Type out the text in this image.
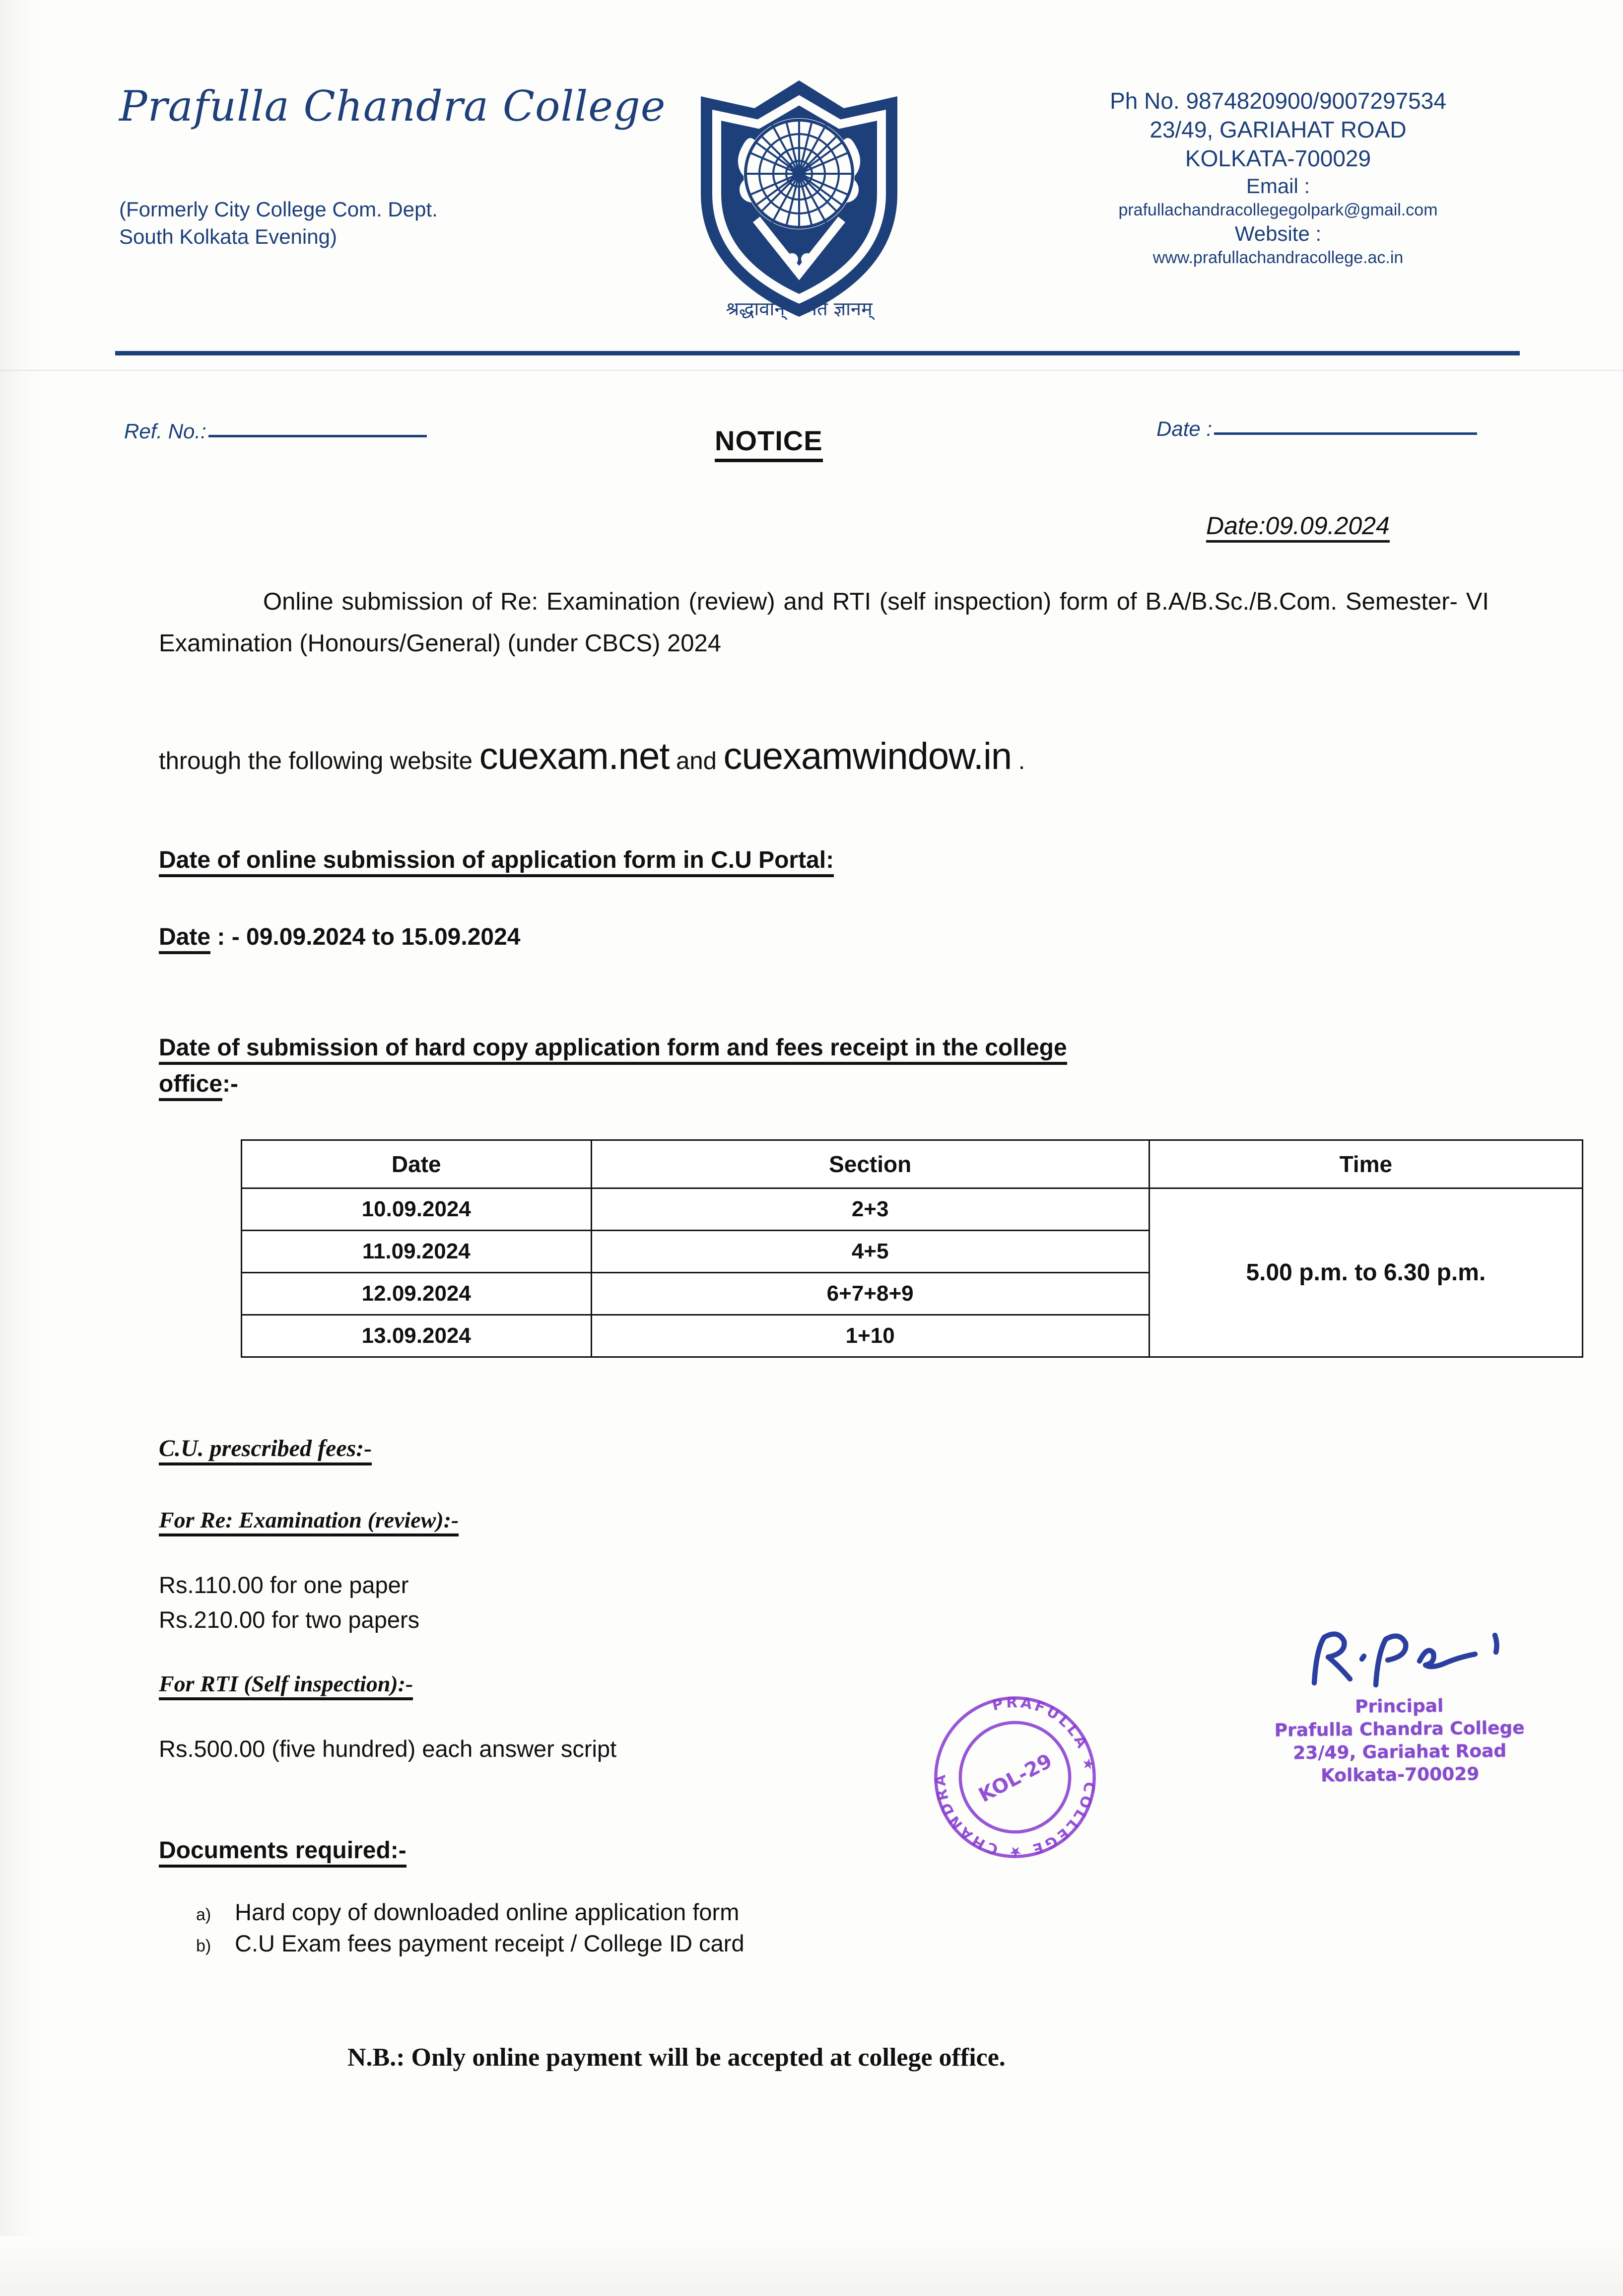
Prafulla Chandra College
(Formerly City College Com. Dept.
South Kolkata Evening)
श्रद्धावान् लभते ज्ञानम्
Ph No. 9874820900/9007297534
23/49, GARIAHAT ROAD
KOLKATA-700029
Email :
prafullachandracollegegolpark@gmail.com
Website :
www.prafullachandracollege.ac.in
Ref. No.:	NOTICE	Date :
Date:09.09.2024
Online submission of Re: Examination (review) and RTI (self inspection) form of B.A/B.Sc./B.Com. Semester- VI Examination (Honours/General) (under CBCS) 2024
through the following website cuexam.net and cuexamwindow.in .
Date of online submission of application form in C.U Portal:
Date : - 09.09.2024 to 15.09.2024
Date of submission of hard copy application form and fees receipt in the college
office:-
Date	Section	Time
10.09.2024	2+3	5.00 p.m. to 6.30 p.m.
11.09.2024	4+5	
12.09.2024	6+7+8+9	
13.09.2024	1+10	
C.U. prescribed fees:-
For Re: Examination (review):-
Rs.110.00 for one paper
Rs.210.00 for two papers
For RTI (Self inspection):-
Rs.500.00 (five hundred) each answer script
Documents required:-
a)	Hard copy of downloaded online application form
b)	C.U Exam fees payment receipt / College ID card
N.B.: Only online payment will be accepted at college office.
PRAFULLA ★ COLLEGE ★ CHANDRA	KOL-29
Principal
Prafulla Chandra College
23/49, Gariahat Road
Kolkata-700029
